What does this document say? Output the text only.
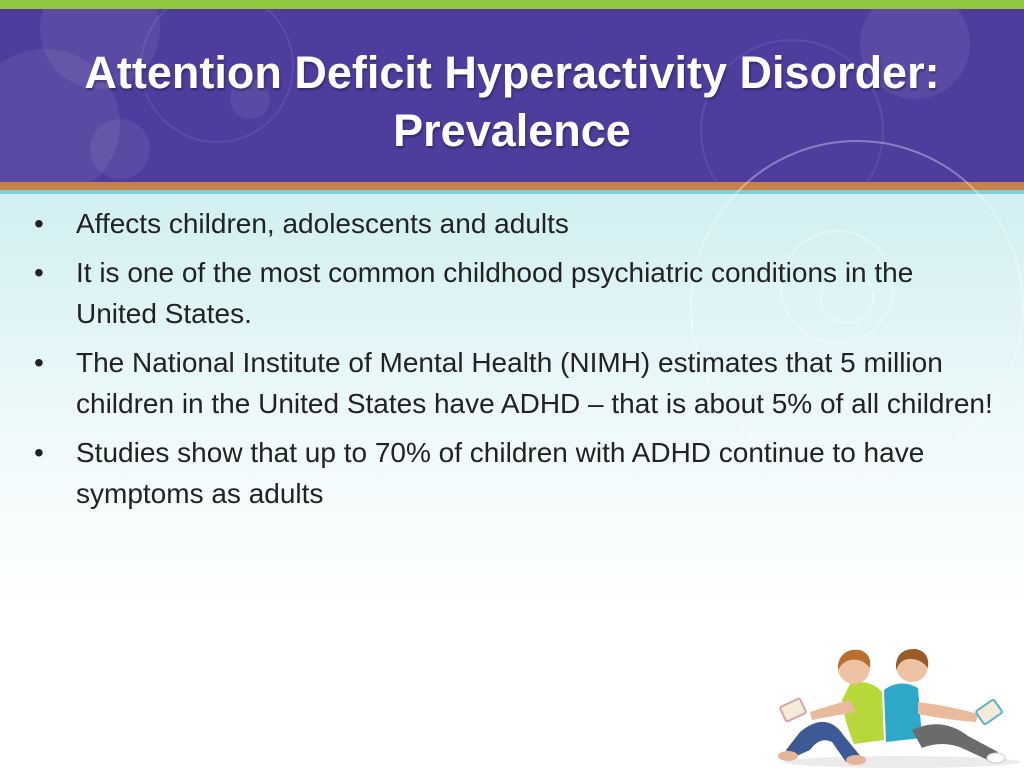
Attention Deficit Hyperactivity Disorder: Prevalence
• Affects children, adolescents and adults
• It is one of the most common childhood psychiatric conditions in the United States.
• The National Institute of Mental Health (NIMH) estimates that 5 million children in the United States have ADHD – that is about 5% of all children!
• Studies show that up to 70% of children with ADHD continue to have symptoms as adults
